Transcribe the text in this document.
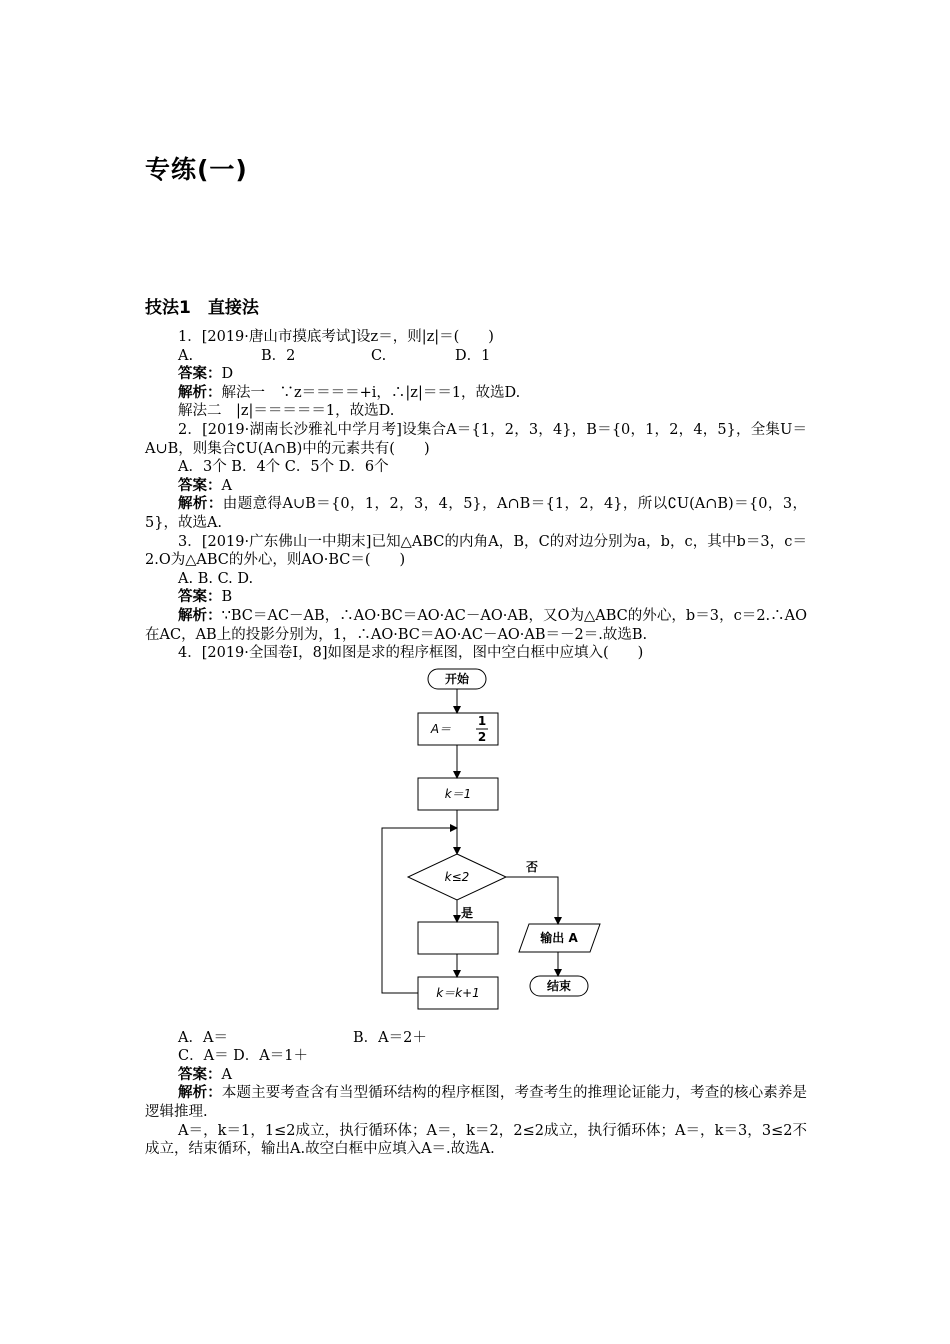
专练(一)
技法1　直接法
1．[2019·唐山市摸底考试]设z＝，则|z|＝(　　)
A.	B．2	C.	D．1
答案：D
解析：解法一　∵z＝＝＝＝+i，∴|z|＝＝1，故选D.
解法二　|z|＝＝＝＝＝1，故选D.
2．[2019·湖南长沙雅礼中学月考]设集合A＝{1，2，3，4}，B＝{0，1，2，4，5}，全集U＝A∪B，则集合∁U(A∩B)中的元素共有(　　)
A．3个 B．4个 C．5个 D．6个
答案：A
解析：由题意得A∪B＝{0，1，2，3，4，5}，A∩B＝{1，2，4}，所以∁U(A∩B)＝{0，3，5}，故选A.
3．[2019·广东佛山一中期末]已知△ABC的内角A，B，C的对边分别为a，b，c，其中b＝3，c＝2.O为△ABC的外心，则AO·BC＝(　　)
A. B. C. D.
答案：B
解析：∵BC＝AC－AB，∴AO·BC＝AO·AC－AO·AB，又O为△ABC的外心，b＝3，c＝2.∴AO在AC，AB上的投影分别为，1，∴AO·BC＝AO·AC－AO·AB＝－2＝.故选B.
4．[2019·全国卷Ⅰ，8]如图是求的程序框图，图中空白框中应填入(　　)
开始
A＝
1
2
k＝1
k≤2
否
是
输出 A
k＝k+1	结束
A．A＝	B．A＝2＋
C．A＝ D．A＝1＋
答案：A
解析：本题主要考查含有当型循环结构的程序框图，考查考生的推理论证能力，考查的核心素养是逻辑推理.
A＝，k＝1，1≤2成立，执行循环体；A＝，k＝2，2≤2成立，执行循环体；A＝，k＝3，3≤2不成立，结束循环，输出A.故空白框中应填入A＝.故选A.
